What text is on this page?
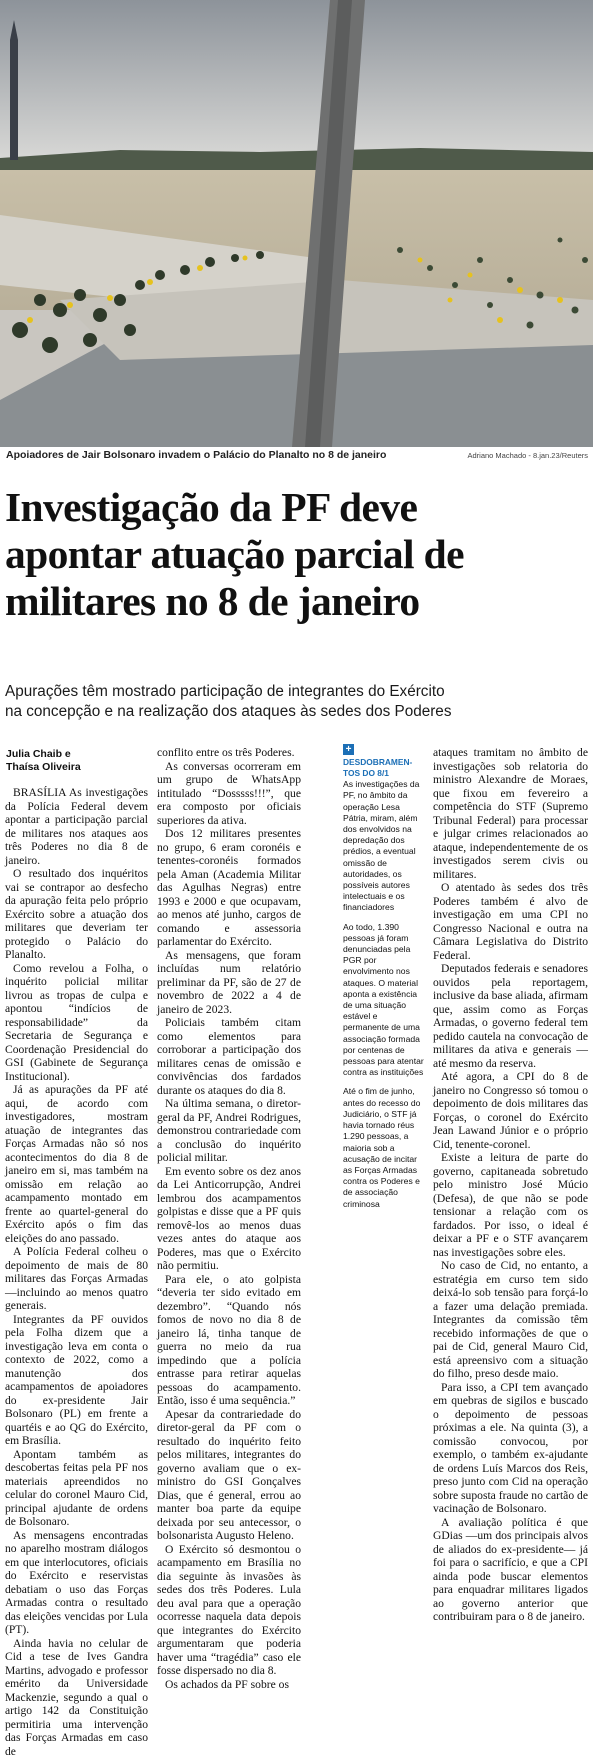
Apoiadores de Jair Bolsonaro invadem o Palácio do Planalto no 8 de janeiro	Adriano Machado - 8.jan.23/Reuters
Investigação da PF deve
apontar atuação parcial de
militares no 8 de janeiro
Apurações têm mostrado participação de integrantes do Exército
na concepção e na realização dos ataques às sedes dos Poderes
Julia Chaib e
Thaísa Oliveira

BRASÍLIA As investigações da Polícia Federal devem apontar a participação parcial de militares nos ataques aos três Poderes no dia 8 de janeiro.

O resultado dos inquéritos vai se contrapor ao desfecho da apuração feita pelo próprio Exército sobre a atuação dos militares que deveriam ter protegido o Palácio do Planalto.

Como revelou a Folha, o inquérito policial militar livrou as tropas de culpa e apontou “indícios de responsabilidade” da Secretaria de Segurança e Coordenação Presidencial do GSI (Gabinete de Segurança Institucional).

Já as apurações da PF até aqui, de acordo com investigadores, mostram atuação de integrantes das Forças Armadas não só nos acontecimentos do dia 8 de janeiro em si, mas também na omissão em relação ao acampamento montado em frente ao quartel-general do Exército após o fim das eleições do ano passado.

A Polícia Federal colheu o depoimento de mais de 80 militares das Forças Armadas —incluindo ao menos quatro generais.

Integrantes da PF ouvidos pela Folha dizem que a investigação leva em conta o contexto de 2022, como a manutenção dos acampamentos de apoiadores do ex-presidente Jair Bolsonaro (PL) em frente a quartéis e ao QG do Exército, em Brasília.

Apontam também as descobertas feitas pela PF nos materiais apreendidos no celular do coronel Mauro Cid, principal ajudante de ordens de Bolsonaro.

As mensagens encontradas no aparelho mostram diálogos em que interlocutores, oficiais do Exército e reservistas debatiam o uso das Forças Armadas contra o resultado das eleições vencidas por Lula (PT).

Ainda havia no celular de Cid a tese de Ives Gandra Martins, advogado e professor emérito da Universidade Mackenzie, segundo a qual o artigo 142 da Constituição permitiria uma intervenção das Forças Armadas em caso de

conflito entre os três Poderes.

As conversas ocorreram em um grupo de WhatsApp intitulado “Dosssss!!!”, que era composto por oficiais superiores da ativa.

Dos 12 militares presentes no grupo, 6 eram coronéis e tenentes-coronéis formados pela Aman (Academia Militar das Agulhas Negras) entre 1993 e 2000 e que ocupavam, ao menos até junho, cargos de comando e assessoria parlamentar do Exército.

As mensagens, que foram incluídas num relatório preliminar da PF, são de 27 de novembro de 2022 a 4 de janeiro de 2023.

Policiais também citam como elementos para corroborar a participação dos militares cenas de omissão e convivências dos fardados durante os ataques do dia 8.

Na última semana, o diretor-geral da PF, Andrei Rodrigues, demonstrou contrariedade com a conclusão do inquérito policial militar.

Em evento sobre os dez anos da Lei Anticorrupção, Andrei lembrou dos acampamentos golpistas e disse que a PF quis removê-los ao menos duas vezes antes do ataque aos Poderes, mas que o Exército não permitiu.

Para ele, o ato golpista “deveria ter sido evitado em dezembro”. “Quando nós fomos de novo no dia 8 de janeiro lá, tinha tanque de guerra no meio da rua impedindo que a polícia entrasse para retirar aquelas pessoas do acampamento. Então, isso é uma sequência.”

Apesar da contrariedade do diretor-geral da PF com o resultado do inquérito feito pelos militares, integrantes do governo avaliam que o ex-ministro do GSI Gonçalves Dias, que é general, errou ao manter boa parte da equipe deixada por seu antecessor, o bolsonarista Augusto Heleno.

O Exército só desmontou o acampamento em Brasília no dia seguinte às invasões às sedes dos três Poderes. Lula deu aval para que a operação ocorresse naquela data depois que integrantes do Exército argumentaram que poderia haver uma “tragédia” caso ele fosse dispersado no dia 8.

Os achados da PF sobre os

+
DESDOBRAMEN-
TOS DO 8/1

As investigações da PF, no âmbito da operação Lesa Pátria, miram, além dos envolvidos na depredação dos prédios, a eventual omissão de autoridades, os possíveis autores intelectuais e os financiadores

Ao todo, 1.390 pessoas já foram denunciadas pela PGR por envolvimento nos ataques. O material aponta a existência de uma situação estável e permanente de uma associação formada por centenas de pessoas para atentar contra as instituições

Até o fim de junho, antes do recesso do Judiciário, o STF já havia tornado réus 1.290 pessoas, a maioria sob a acusação de incitar as Forças Armadas contra os Poderes e de associação criminosa

ataques tramitam no âmbito de investigações sob relatoria do ministro Alexandre de Moraes, que fixou em fevereiro a competência do STF (Supremo Tribunal Federal) para processar e julgar crimes relacionados ao ataque, independentemente de os investigados serem civis ou militares.

O atentado às sedes dos três Poderes também é alvo de investigação em uma CPI no Congresso Nacional e outra na Câmara Legislativa do Distrito Federal.

Deputados federais e senadores ouvidos pela reportagem, inclusive da base aliada, afirmam que, assim como as Forças Armadas, o governo federal tem pedido cautela na convocação de militares da ativa e generais —até mesmo da reserva.

Até agora, a CPI do 8 de janeiro no Congresso só tomou o depoimento de dois militares das Forças, o coronel do Exército Jean Lawand Júnior e o próprio Cid, tenente-coronel.

Existe a leitura de parte do governo, capitaneada sobretudo pelo ministro José Múcio (Defesa), de que não se pode tensionar a relação com os fardados. Por isso, o ideal é deixar a PF e o STF avançarem nas investigações sobre eles.

No caso de Cid, no entanto, a estratégia em curso tem sido deixá-lo sob tensão para forçá-lo a fazer uma delação premiada. Integrantes da comissão têm recebido informações de que o pai de Cid, general Mauro Cid, está apreensivo com a situação do filho, preso desde maio.

Para isso, a CPI tem avançado em quebras de sigilos e buscado o depoimento de pessoas próximas a ele. Na quinta (3), a comissão convocou, por exemplo, o também ex-ajudante de ordens Luís Marcos dos Reis, preso junto com Cid na operação sobre suposta fraude no cartão de vacinação de Bolsonaro.

A avaliação política é que GDias —um dos principais alvos de aliados do ex-presidente— já foi para o sacrifício, e que a CPI ainda pode buscar elementos para enquadrar militares ligados ao governo anterior que contribuiram para o 8 de janeiro.
